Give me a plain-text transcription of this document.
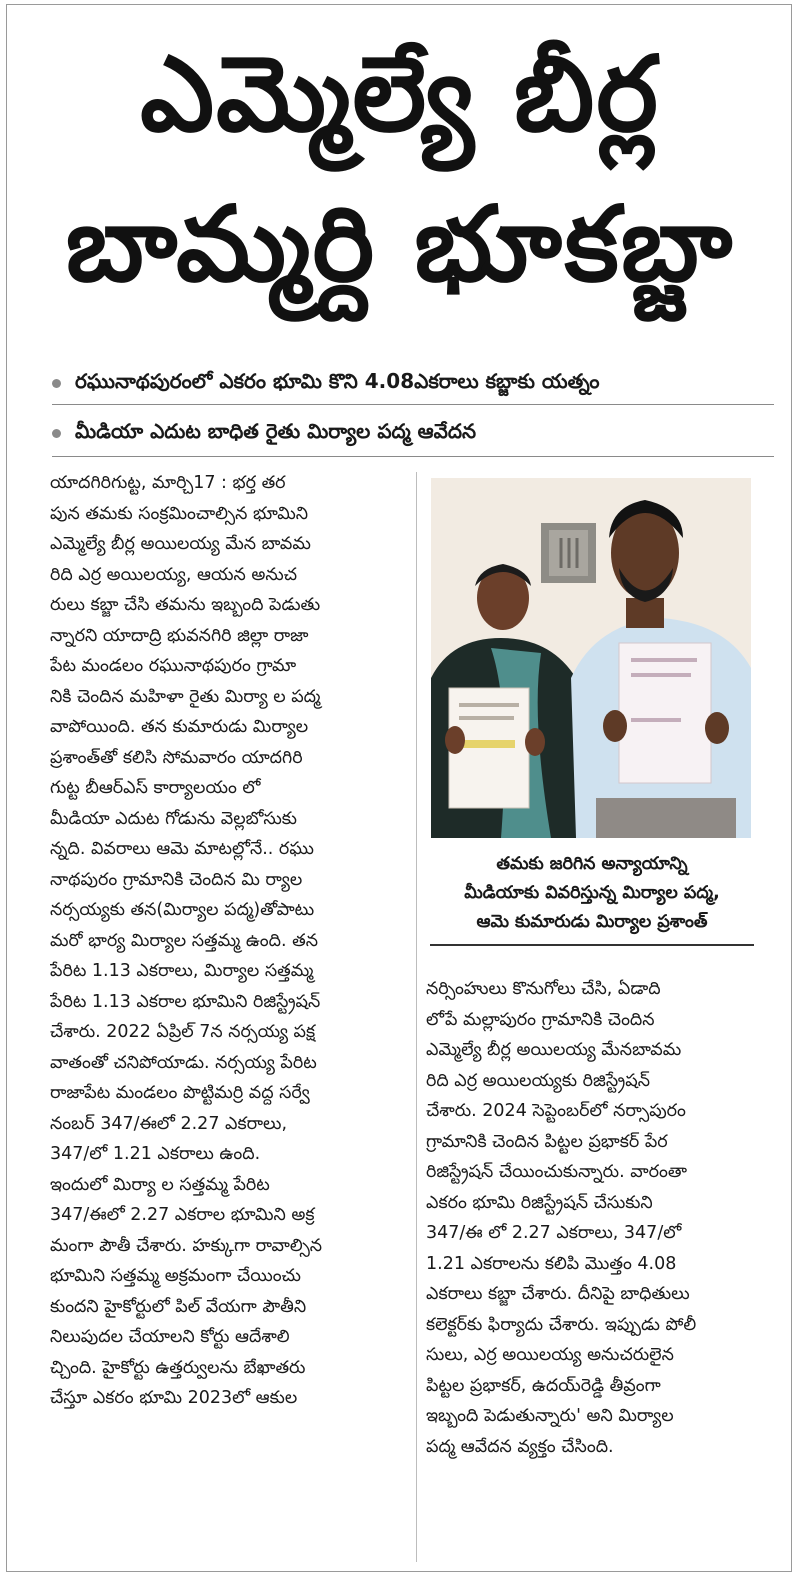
ఎమ్మెల్యే బీర్ల
బామ్మర్ది భూకబ్జా
రఘునాథపురంలో ఎకరం భూమి కొని 4.08ఎకరాలు కబ్జాకు యత్నం
మీడియా ఎదుట బాధిత రైతు మిర్యాల పద్మ ఆవేదన
యాదగిరిగుట్ట, మార్చి17 : భర్త తర
పున తమకు సంక్రమించాల్సిన భూమిని
ఎమ్మెల్యే బీర్ల అయిలయ్య మేన బావమ
రిది ఎర్ర అయిలయ్య, ఆయన అనుచ
రులు కబ్జా చేసి తమను ఇబ్బంది పెడుతు
న్నారని యాదాద్రి భువనగిరి జిల్లా రాజా
పేట మండలం రఘునాథపురం గ్రామా
నికి చెందిన మహిళా రైతు మిర్యా ల పద్మ
వాపోయింది. తన కుమారుడు మిర్యాల
ప్రశాంత్‌తో కలిసి సోమవారం యాదగిరి
గుట్ట బీఆర్ఎస్ కార్యాలయం లో
మీడియా ఎదుట గోడును వెల్లబోసుకు
న్నది. వివరాలు ఆమె మాటల్లోనే.. రఘు
నాథపురం గ్రామానికి చెందిన మి ర్యాల
నర్సయ్యకు తన(మిర్యాల పద్మ)తోపాటు
మరో భార్య మిర్యాల సత్తమ్మ ఉంది. తన
పేరిట 1.13 ఎకరాలు, మిర్యాల సత్తమ్మ
పేరిట 1.13 ఎకరాల భూమిని రిజిస్ట్రేషన్
చేశారు. 2022 ఏప్రిల్ 7న నర్సయ్య పక్ష
వాతంతో చనిపోయాడు. నర్సయ్య పేరిట
రాజాపేట మండలం పొట్టిమర్రి వద్ద సర్వే
నంబర్ 347/ఈలో 2.27 ఎకరాలు,
347/లో 1.21 ఎకరాలు ఉంది.
ఇందులో మిర్యా ల సత్తమ్మ పేరిట
347/ఈలో 2.27 ఎకరాల భూమిని అక్ర
మంగా పౌతీ చేశారు. హక్కుగా రావాల్సిన
భూమిని సత్తమ్మ అక్రమంగా చేయించు
కుందని హైకోర్టులో పిల్ వేయగా పౌతీని
నిలుపుదల చేయాలని కోర్టు ఆదేశాలి
చ్చింది. హైకోర్టు ఉత్తర్వులను బేఖాతరు
చేస్తూ ఎకరం భూమి 2023లో ఆకుల
తమకు జరిగిన అన్యాయాన్ని
మీడియాకు వివరిస్తున్న మిర్యాల పద్మ,
ఆమె కుమారుడు మిర్యాల ప్రశాంత్
నర్సింహులు కొనుగోలు చేసి, ఏడాది
లోపే మల్లాపురం గ్రామానికి చెందిన
ఎమ్మెల్యే బీర్ల అయిలయ్య మేనబావమ
రిది ఎర్ర అయిలయ్యకు రిజిస్ట్రేషన్
చేశారు. 2024 సెప్టెంబర్‌లో నర్సాపురం
గ్రామానికి చెందిన పిట్టల ప్రభాకర్ పేర
రిజిస్ట్రేషన్ చేయించుకున్నారు. వారంతా
ఎకరం భూమి రిజిస్ట్రేషన్ చేసుకుని
347/ఈ లో 2.27 ఎకరాలు, 347/లో
1.21 ఎకరాలను కలిపి మొత్తం 4.08
ఎకరాలు కబ్జా చేశారు. దీనిపై బాధితులు
కలెక్టర్‌కు ఫిర్యాదు చేశారు. ఇప్పుడు పోలీ
సులు, ఎర్ర అయిలయ్య అనుచరులైన
పిట్టల ప్రభాకర్, ఉదయ్‌రెడ్డి తీవ్రంగా
ఇబ్బంది పెడుతున్నారు' అని మిర్యాల
పద్మ ఆవేదన వ్యక్తం చేసింది.
